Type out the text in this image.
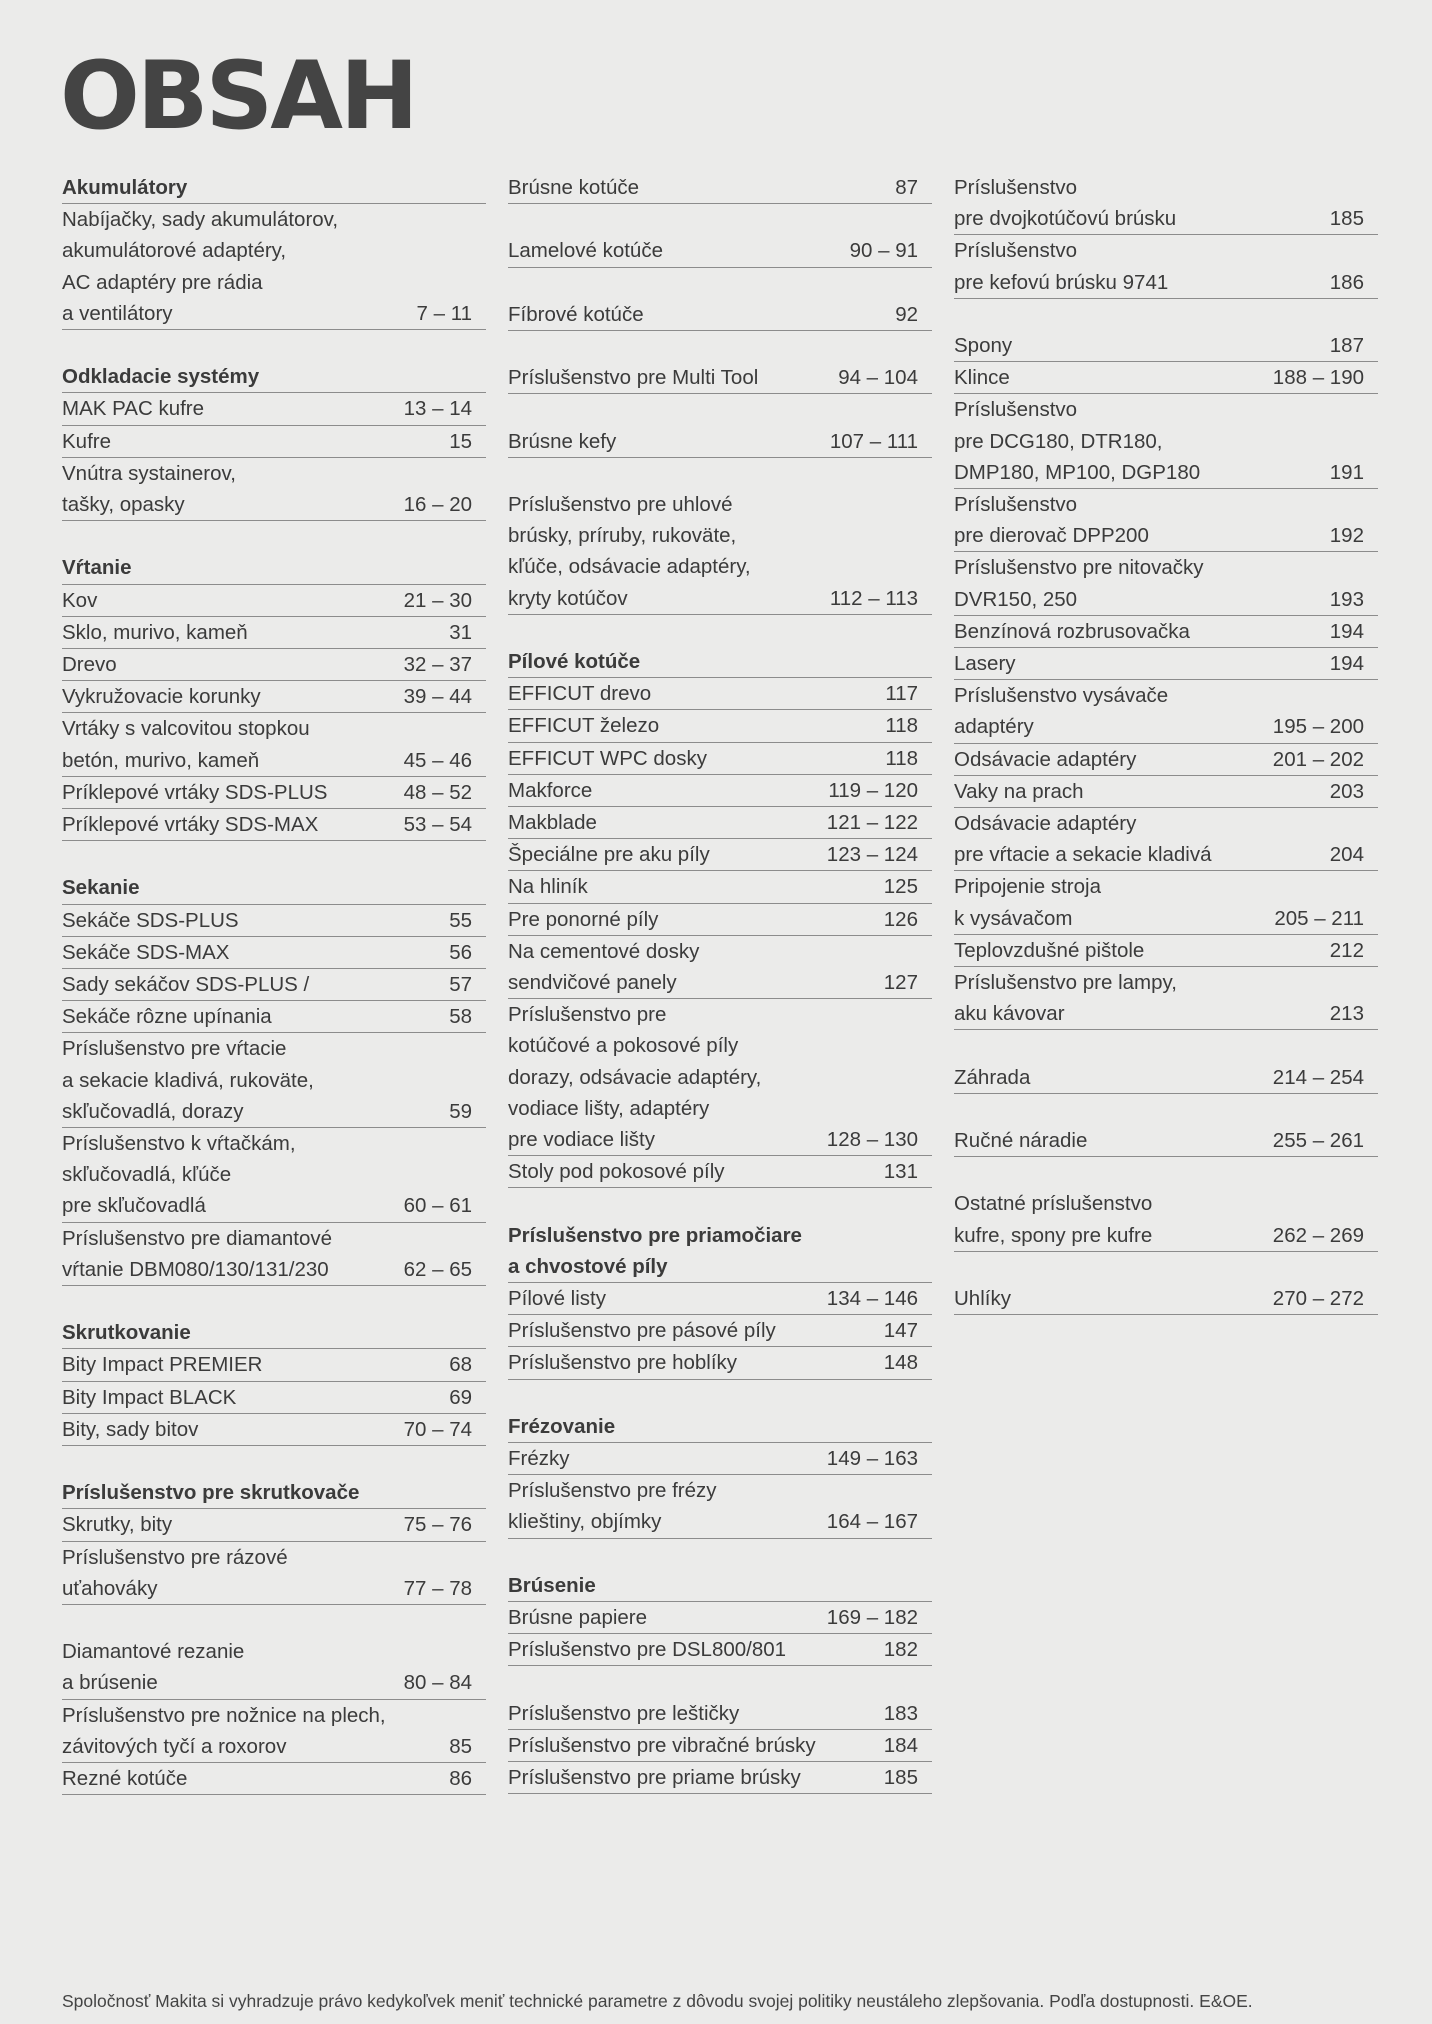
OBSAH
Akumulátory
Nabíjačky, sady akumulátorov,
akumulátorové adaptéry,
AC adaptéry pre rádia
a ventilátory	7 – 11
Odkladacie systémy
MAK PAC kufre	13 – 14
Kufre	15
Vnútra systainerov,
tašky, opasky	16 – 20
Vŕtanie
Kov	21 – 30
Sklo, murivo, kameň	31
Drevo	32 – 37
Vykružovacie korunky	39 – 44
Vrtáky s valcovitou stopkou
betón, murivo, kameň	45 – 46
Príklepové vrtáky SDS-PLUS	48 – 52
Príklepové vrtáky SDS-MAX	53 – 54
Sekanie
Sekáče SDS-PLUS	55
Sekáče SDS-MAX	56
Sady sekáčov SDS-PLUS /	57
Sekáče rôzne upínania	58
Príslušenstvo pre vŕtacie
a sekacie kladivá, rukoväte,
skľučovadlá, dorazy	59
Príslušenstvo k vŕtačkám,
skľučovadlá, kľúče
pre skľučovadlá	60 – 61
Príslušenstvo pre diamantové
vŕtanie DBM080/130/131/230	62 – 65
Skrutkovanie
Bity Impact PREMIER	68
Bity Impact BLACK	69
Bity, sady bitov	70 – 74
Príslušenstvo pre skrutkovače
Skrutky, bity	75 – 76
Príslušenstvo pre rázové
uťahováky	77 – 78
Diamantové rezanie
a brúsenie	80 – 84
Príslušenstvo pre nožnice na plech,
závitových tyčí a roxorov	85
Rezné kotúče	86
Brúsne kotúče	87
Lamelové kotúče	90 – 91
Fíbrové kotúče	92
Príslušenstvo pre Multi Tool	94 – 104
Brúsne kefy	107 – 111
Príslušenstvo pre uhlové
brúsky, príruby, rukoväte,
kľúče, odsávacie adaptéry,
kryty kotúčov	112 – 113
Pílové kotúče
EFFICUT drevo	117
EFFICUT železo	118
EFFICUT WPC dosky	118
Makforce	119 – 120
Makblade	121 – 122
Špeciálne pre aku píly	123 – 124
Na hliník	125
Pre ponorné píly	126
Na cementové dosky
sendvičové panely	127
Príslušenstvo pre
kotúčové a pokosové píly
dorazy, odsávacie adaptéry,
vodiace lišty, adaptéry
pre vodiace lišty	128 – 130
Stoly pod pokosové píly	131
Príslušenstvo pre priamočiare
a chvostové píly
Pílové listy	134 – 146
Príslušenstvo pre pásové píly	147
Príslušenstvo pre hoblíky	148
Frézovanie
Frézky	149 – 163
Príslušenstvo pre frézy
klieštiny, objímky	164 – 167
Brúsenie
Brúsne papiere	169 – 182
Príslušenstvo pre DSL800/801	182
Príslušenstvo pre leštičky	183
Príslušenstvo pre vibračné brúsky	184
Príslušenstvo pre priame brúsky	185
Príslušenstvo
pre dvojkotúčovú brúsku	185
Príslušenstvo
pre kefovú brúsku 9741	186
Spony	187
Klince	188 – 190
Príslušenstvo
pre DCG180, DTR180,
DMP180, MP100, DGP180	191
Príslušenstvo
pre dierovač DPP200	192
Príslušenstvo pre nitovačky
DVR150, 250	193
Benzínová rozbrusovačka	194
Lasery	194
Príslušenstvo vysávače
adaptéry	195 – 200
Odsávacie adaptéry	201 – 202
Vaky na prach	203
Odsávacie adaptéry
pre vŕtacie a sekacie kladivá	204
Pripojenie stroja
k vysávačom	205 – 211
Teplovzdušné pištole	212
Príslušenstvo pre lampy,
aku kávovar	213
Záhrada	214 – 254
Ručné náradie	255 – 261
Ostatné príslušenstvo
kufre, spony pre kufre	262 – 269
Uhlíky	270 – 272
Spoločnosť Makita si vyhradzuje právo kedykoľvek meniť technické parametre z dôvodu svojej politiky neustáleho zlepšovania. Podľa dostupnosti. E&OE.
